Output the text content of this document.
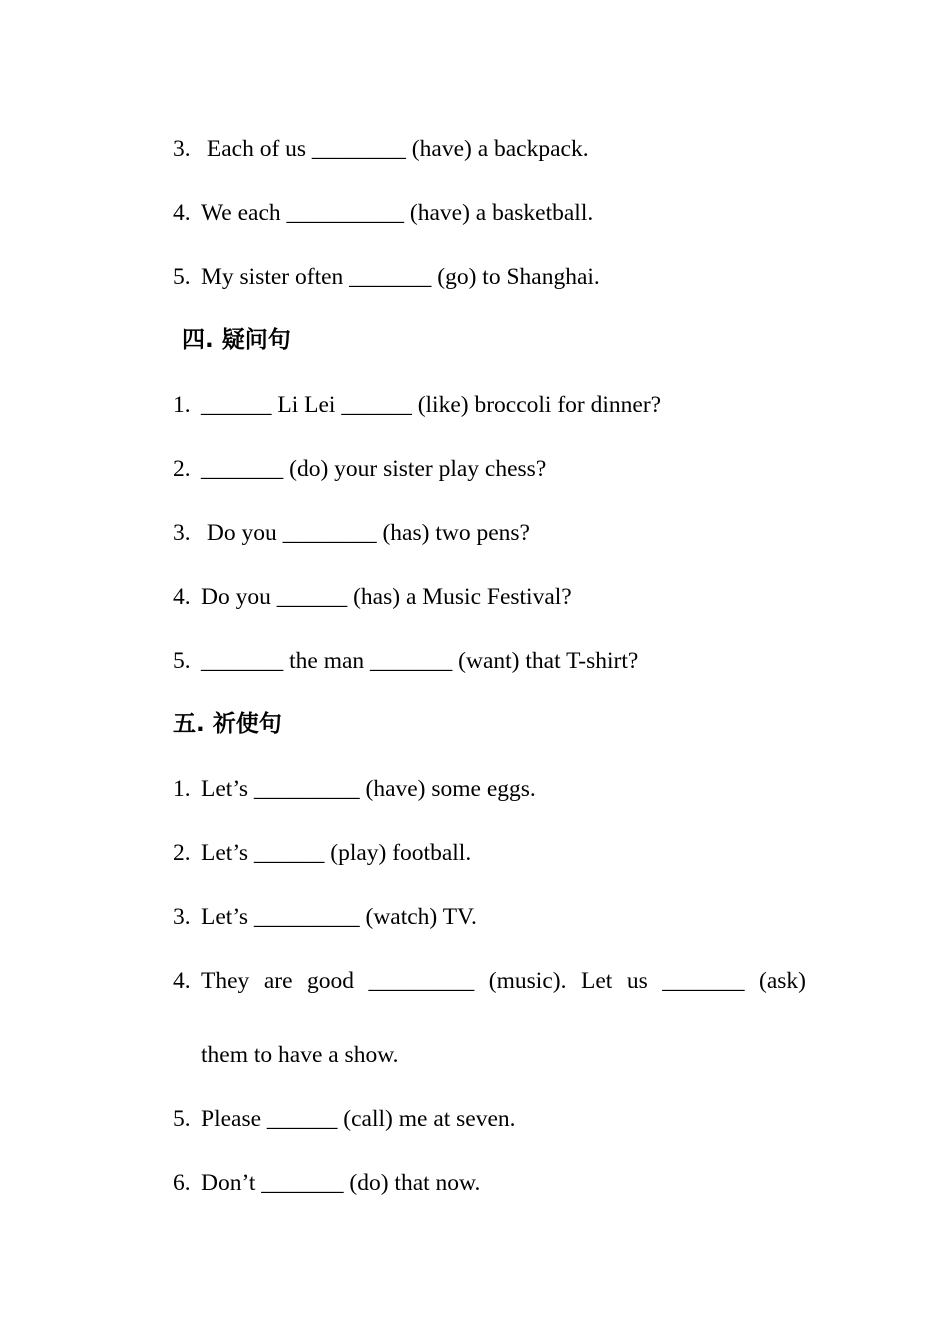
3. Each of us ________ (have) a backpack.
4. We each __________ (have) a basketball.
5. My sister often _______ (go) to Shanghai.
四. 疑问句
1. ______ Li Lei ______ (like) broccoli for dinner?
2. _______ (do) your sister play chess?
3. Do you ________ (has) two pens?
4. Do you ______ (has) a Music Festival?
5. _______ the man _______ (want) that T-shirt?
五. 祈使句
1. Let’s _________ (have) some eggs.
2. Let’s ______ (play) football.
3. Let’s _________ (watch) TV.
4. They are good _________ (music). Let us _______ (ask)
them to have a show.
5. Please ______ (call) me at seven.
6. Don’t _______ (do) that now.
